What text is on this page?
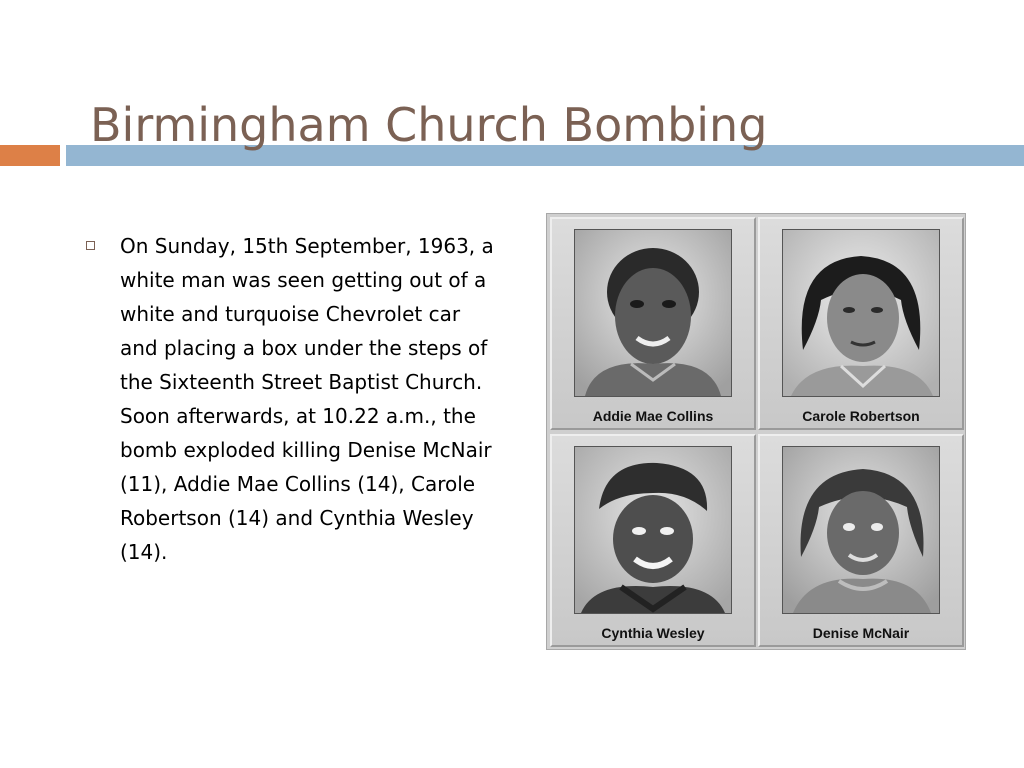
Birmingham Church Bombing
On Sunday, 15th September, 1963, a white man was seen getting out of a white and turquoise Chevrolet car and placing a box under the steps of the Sixteenth Street Baptist Church. Soon afterwards, at 10.22 a.m., the bomb exploded killing Denise McNair (11), Addie Mae Collins (14), Carole Robertson (14) and Cynthia Wesley (14).
Addie Mae Collins	Carole Robertson
Cynthia Wesley	Denise McNair
